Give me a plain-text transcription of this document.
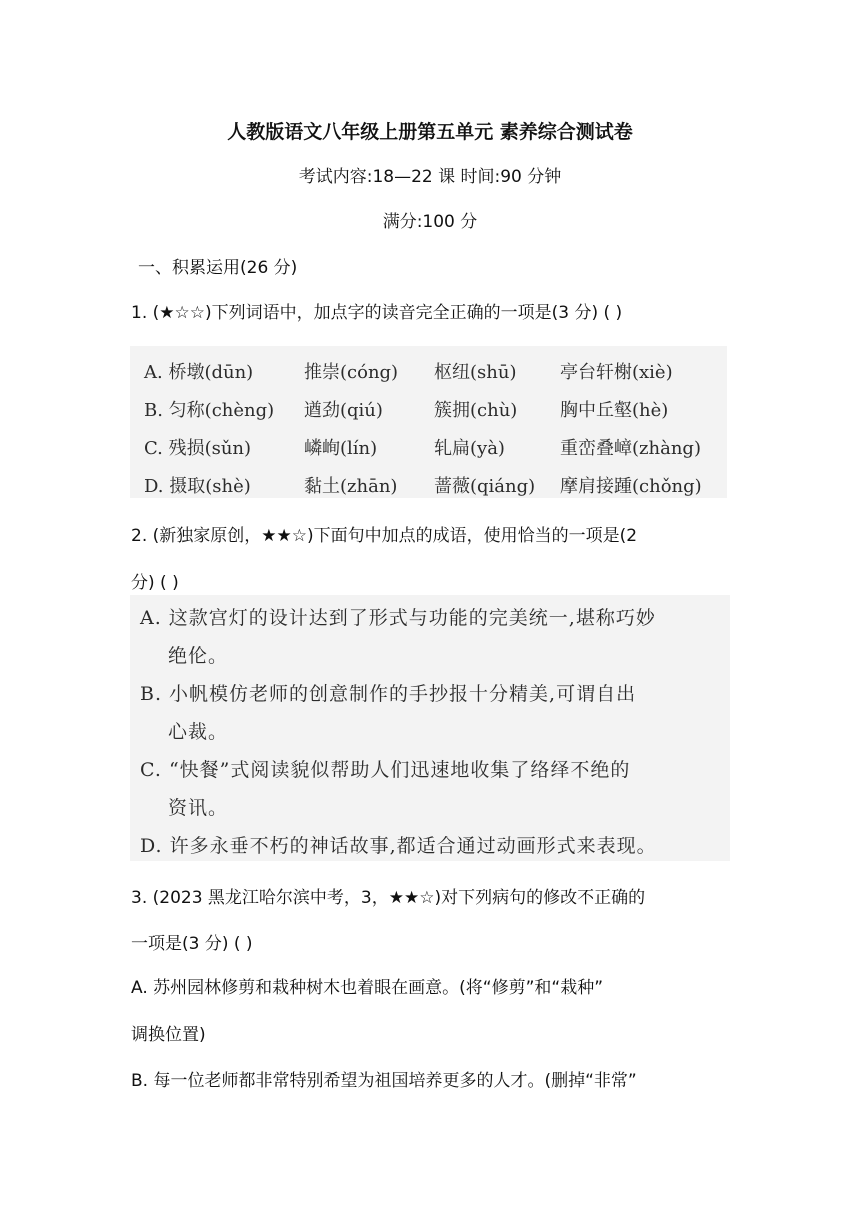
人教版语文八年级上册第五单元 素养综合测试卷
考试内容:18—22 课 时间:90 分钟
满分:100 分
一、积累运用(26 分)
1. (★☆☆)下列词语中，加点字的读音完全正确的一项是(3 分) ( )
A. 桥墩(dūn)	推崇(cóng) 枢纽(shū) 亭台轩榭(xiè)
B. 匀称(chèng) 遒劲(qiú)	簇拥(chù) 胸中丘壑(hè)
C. 残损(sǔn)	嶙峋(lín)	轧扁(yà)	重峦叠嶂(zhàng)
D. 摄取(shè)	黏土(zhān) 蔷薇(qiáng) 摩肩接踵(chǒng)
2. (新独家原创，★★☆)下面句中加点的成语，使用恰当的一项是(2
分) ( )
A. 这款宫灯的设计达到了形式与功能的完美统一,堪称巧妙
绝伦。
B. 小帆模仿老师的创意制作的手抄报十分精美,可谓自出
心裁。
C. “快餐”式阅读貌似帮助人们迅速地收集了络绎不绝的
资讯。
D. 许多永垂不朽的神话故事,都适合通过动画形式来表现。
3. (2023 黑龙江哈尔滨中考，3，★★☆)对下列病句的修改不正确的
一项是(3 分) ( )
A. 苏州园林修剪和栽种树木也着眼在画意。(将“修剪”和“栽种”
调换位置)
B. 每一位老师都非常特别希望为祖国培养更多的人才。(删掉“非常”
